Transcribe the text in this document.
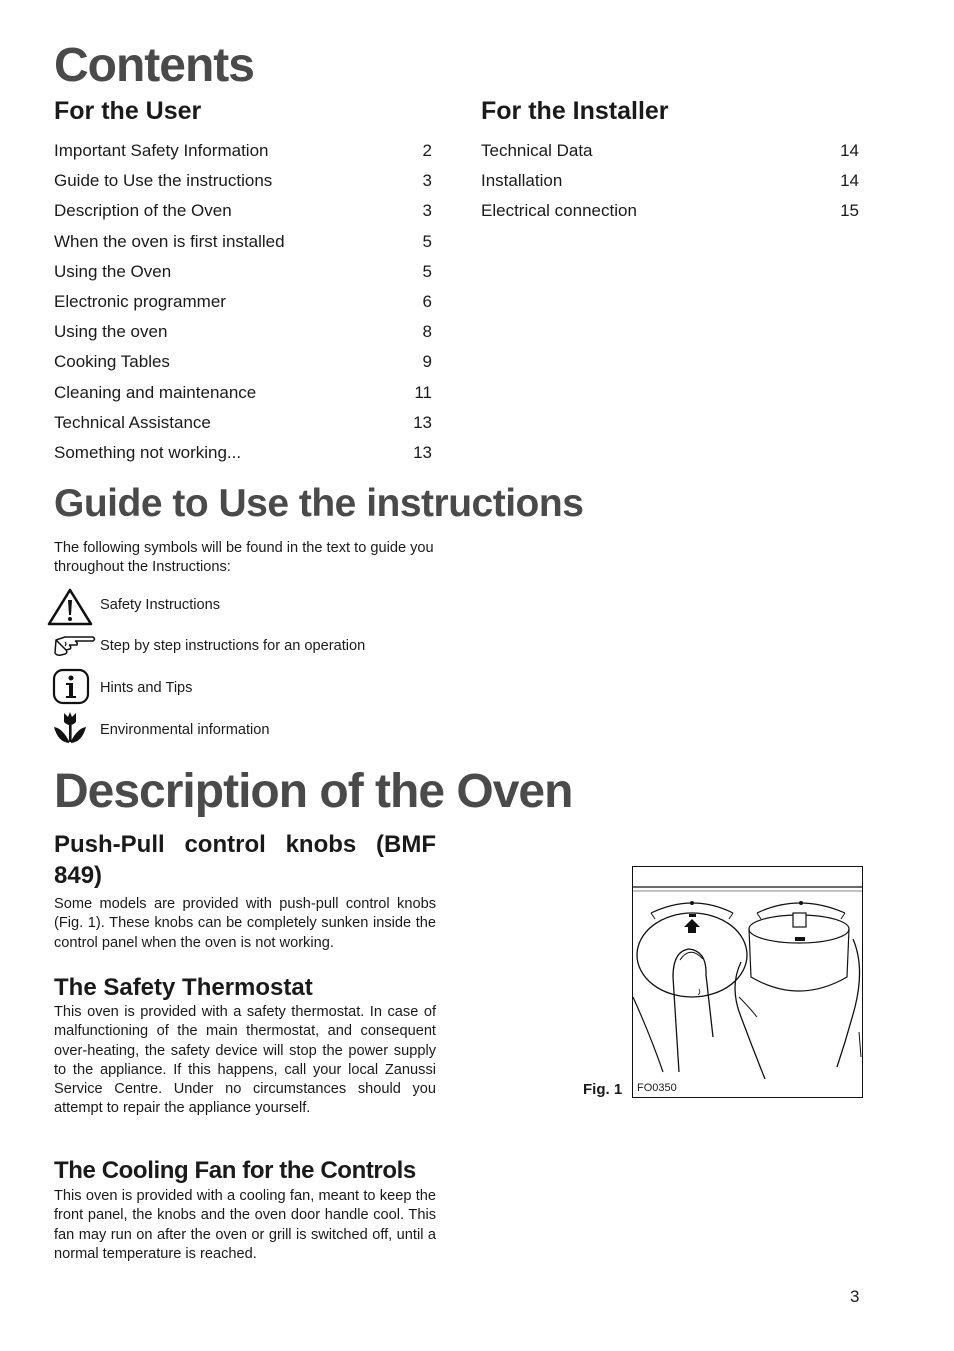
Contents
For the User
Important Safety Information	2
Guide to Use the instructions	3
Description of the Oven	3
When the oven is first installed	5
Using the Oven	5
Electronic programmer	6
Using the oven	8
Cooking Tables	9
Cleaning and maintenance	11
Technical Assistance	13
Something not working...	13
For the Installer
Technical Data	14
Installation	14
Electrical connection	15
Guide to Use the instructions

The following symbols will be found in the text to guide you throughout the Instructions:

Safety Instructions
Step by step instructions for an operation
Hints and Tips
Environmental information
Description of the Oven
Push-Pull control knobs (BMF 849)

Some models are provided with push-pull control knobs (Fig. 1). These knobs can be completely sunken inside the control panel when the oven is not working.

The Safety Thermostat

This oven is provided with a safety thermostat. In case of malfunctioning of the main thermostat, and consequent over-heating, the safety device will stop the power supply to the appliance. If this happens, call your local Zanussi Service Centre. Under no circumstances should you attempt to repair the appliance yourself.

The Cooling Fan for the Controls

This oven is provided with a cooling fan, meant to keep the front panel, the knobs and the oven door handle cool. This fan may run on after the oven or grill is switched off, until a normal temperature is reached.

Fig. 1 FO0350
3
